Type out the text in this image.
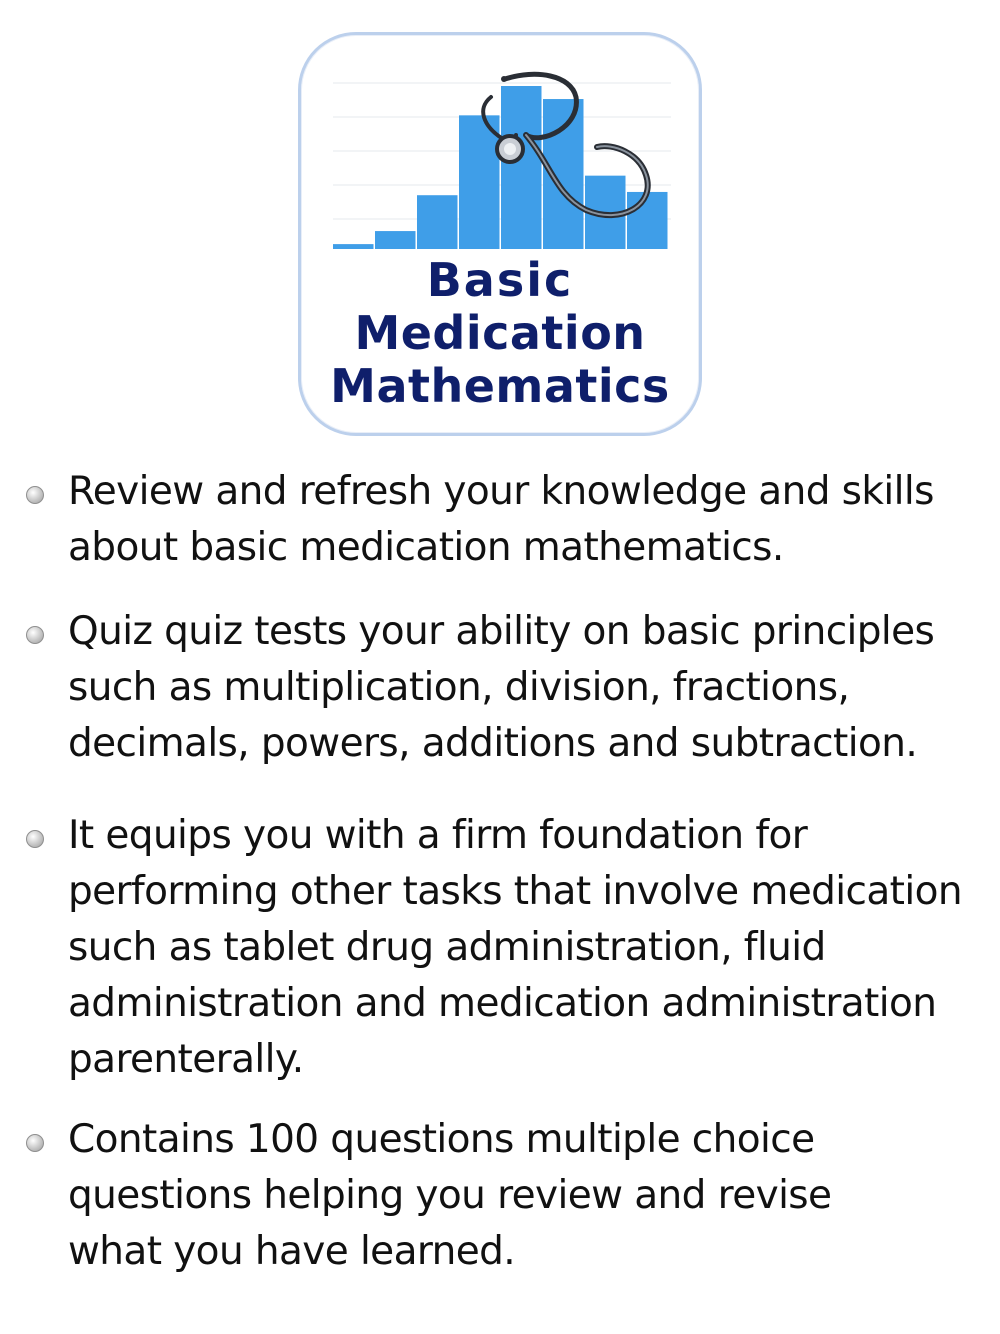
Basic
Medication
Mathematics
Review and refresh your knowledge and skills
about basic medication mathematics.
Quiz quiz tests your ability on basic principles
such as multiplication, division, fractions,
decimals, powers, additions and subtraction.
It equips you with a firm foundation for
performing other tasks that involve medication
such as tablet drug administration, fluid
administration and medication administration
parenterally.
Contains 100 questions multiple choice
questions helping you review and revise
what you have learned.
